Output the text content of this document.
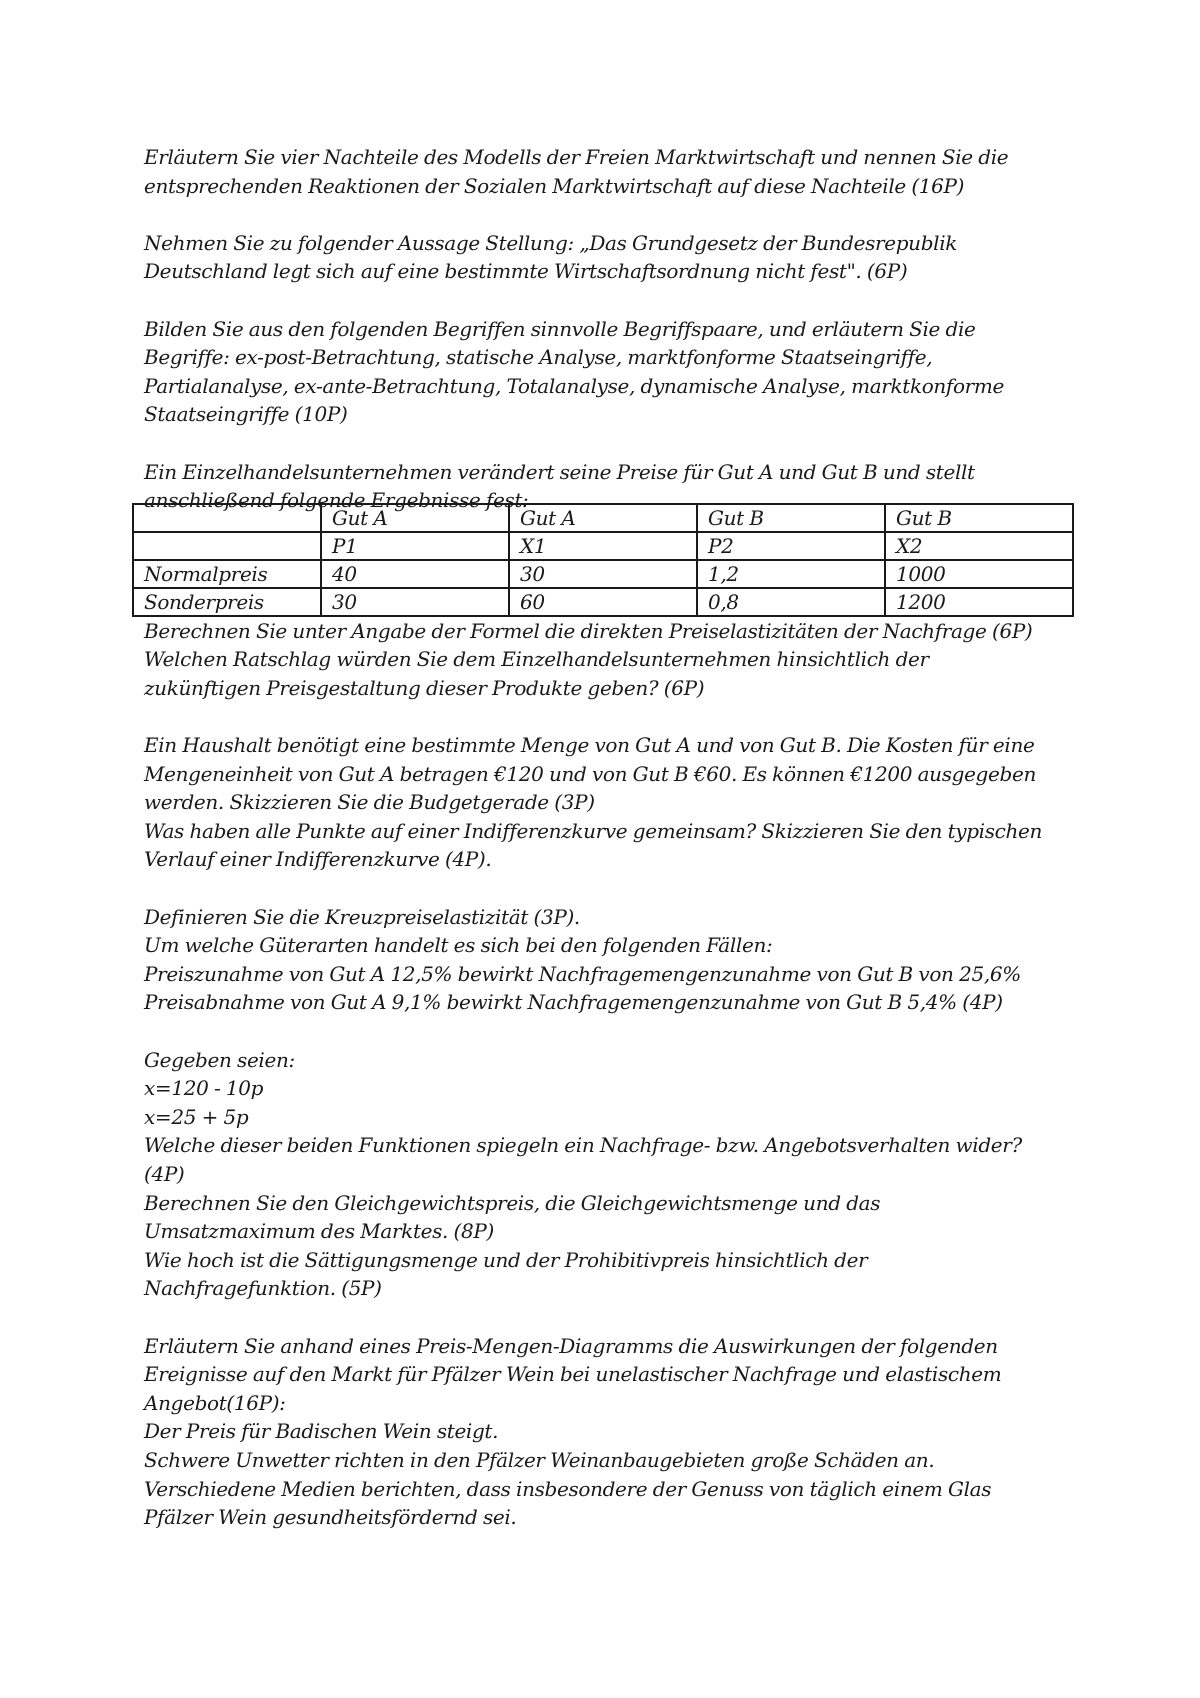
Erläutern Sie vier Nachteile des Modells der Freien Marktwirtschaft und nennen Sie die
entsprechenden Reaktionen der Sozialen Marktwirtschaft auf diese Nachteile (16P)
Nehmen Sie zu folgender Aussage Stellung: „Das Grundgesetz der Bundesrepublik
Deutschland legt sich auf eine bestimmte Wirtschaftsordnung nicht fest". (6P)
Bilden Sie aus den folgenden Begriffen sinnvolle Begriffspaare, und erläutern Sie die
Begriffe: ex-post-Betrachtung, statische Analyse, marktfonforme Staatseingriffe,
Partialanalyse, ex-ante-Betrachtung, Totalanalyse, dynamische Analyse, marktkonforme
Staatseingriffe (10P)
Ein Einzelhandelsunternehmen verändert seine Preise für Gut A und Gut B und stellt
anschließend folgende Ergebnisse fest:
	Gut A	Gut A	Gut B	Gut B
	P1	X1	P2	X2
Normalpreis	40	30	1,2	1000
Sonderpreis	30	60	0,8	1200
Berechnen Sie unter Angabe der Formel die direkten Preiselastizitäten der Nachfrage (6P)
Welchen Ratschlag würden Sie dem Einzelhandelsunternehmen hinsichtlich der
zukünftigen Preisgestaltung dieser Produkte geben? (6P)
Ein Haushalt benötigt eine bestimmte Menge von Gut A und von Gut B. Die Kosten für eine
Mengeneinheit von Gut A betragen €120 und von Gut B €60. Es können €1200 ausgegeben
werden. Skizzieren Sie die Budgetgerade (3P)
Was haben alle Punkte auf einer Indifferenzkurve gemeinsam? Skizzieren Sie den typischen
Verlauf einer Indifferenzkurve (4P).
Definieren Sie die Kreuzpreiselastizität (3P).
Um welche Güterarten handelt es sich bei den folgenden Fällen:
Preiszunahme von Gut A 12,5% bewirkt Nachfragemengenzunahme von Gut B von 25,6%
Preisabnahme von Gut A 9,1% bewirkt Nachfragemengenzunahme von Gut B 5,4% (4P)
Gegeben seien:
x=120 - 10p
x=25 + 5p
Welche dieser beiden Funktionen spiegeln ein Nachfrage- bzw. Angebotsverhalten wider?
(4P)
Berechnen Sie den Gleichgewichtspreis, die Gleichgewichtsmenge und das
Umsatzmaximum des Marktes. (8P)
Wie hoch ist die Sättigungsmenge und der Prohibitivpreis hinsichtlich der
Nachfragefunktion. (5P)
Erläutern Sie anhand eines Preis-Mengen-Diagramms die Auswirkungen der folgenden
Ereignisse auf den Markt für Pfälzer Wein bei unelastischer Nachfrage und elastischem
Angebot(16P):
Der Preis für Badischen Wein steigt.
Schwere Unwetter richten in den Pfälzer Weinanbaugebieten große Schäden an.
Verschiedene Medien berichten, dass insbesondere der Genuss von täglich einem Glas
Pfälzer Wein gesundheitsfördernd sei.
